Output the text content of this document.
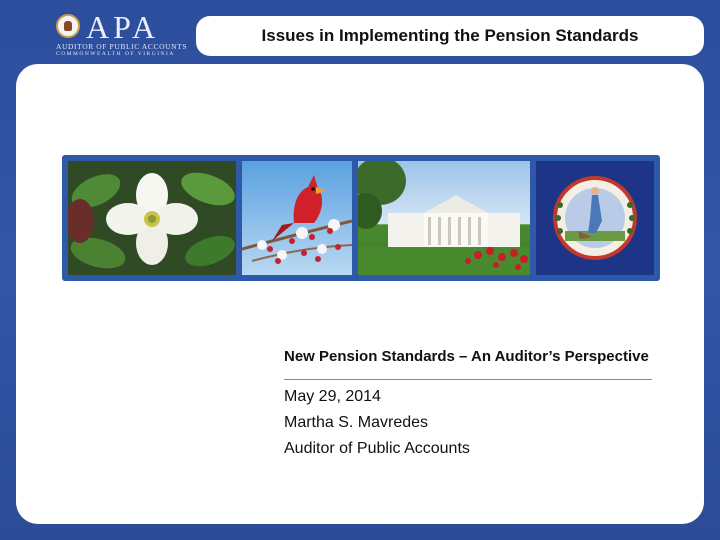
APA
AUDITOR OF PUBLIC ACCOUNTS
COMMONWEALTH OF VIRGINIA
Issues in Implementing the Pension Standards
New Pension Standards – An Auditor’s Perspective
May 29, 2014
Martha S. Mavredes
Auditor of Public Accounts
